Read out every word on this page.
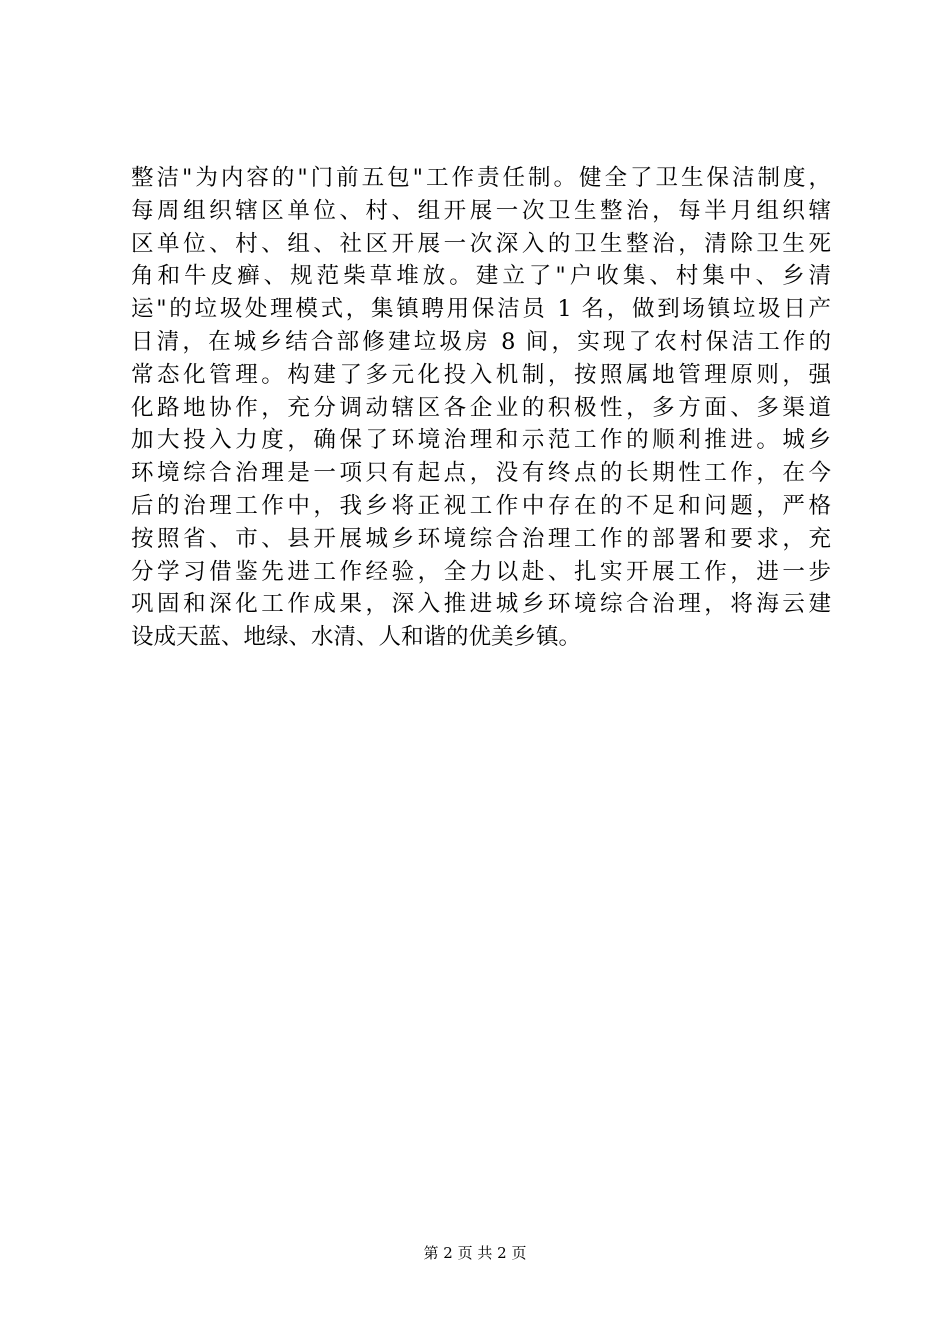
整洁"为内容的"门前五包"工作责任制。健全了卫生保洁制度，
每周组织辖区单位、村、组开展一次卫生整治，每半月组织辖
区单位、村、组、社区开展一次深入的卫生整治，清除卫生死
角和牛皮癣、规范柴草堆放。建立了"户收集、村集中、乡清
运"的垃圾处理模式，集镇聘用保洁员 1 名，做到场镇垃圾日产
日清，在城乡结合部修建垃圾房 8 间，实现了农村保洁工作的
常态化管理。构建了多元化投入机制，按照属地管理原则，强
化路地协作，充分调动辖区各企业的积极性，多方面、多渠道
加大投入力度，确保了环境治理和示范工作的顺利推进。城乡
环境综合治理是一项只有起点，没有终点的长期性工作，在今
后的治理工作中，我乡将正视工作中存在的不足和问题，严格
按照省、市、县开展城乡环境综合治理工作的部署和要求，充
分学习借鉴先进工作经验，全力以赴、扎实开展工作，进一步
巩固和深化工作成果，深入推进城乡环境综合治理，将海云建
设成天蓝、地绿、水清、人和谐的优美乡镇。
第 2 页 共 2 页
